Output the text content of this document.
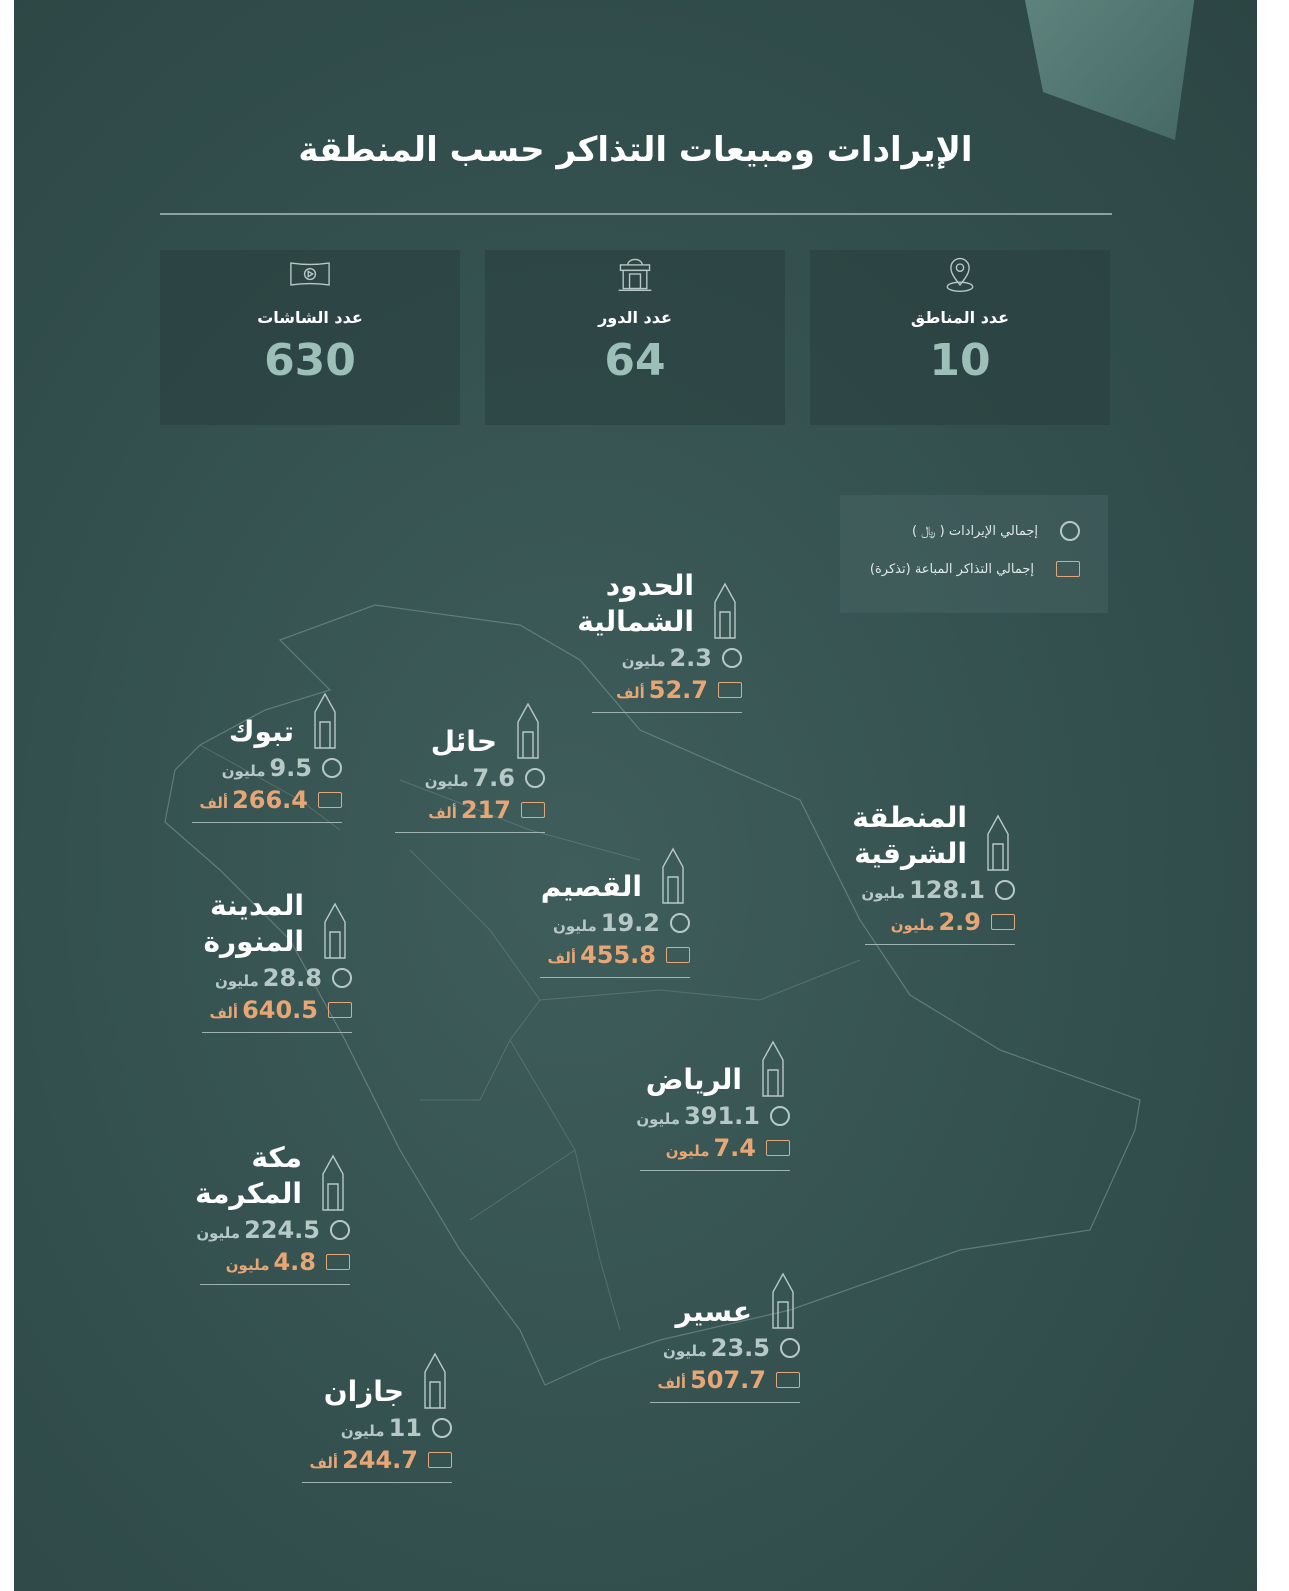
الإيرادات ومبيعات التذاكر حسب المنطقة
عدد المناطق
10
عدد الدور
64
عدد الشاشات
630
إجمالي الإيرادات ( ﷼ )
إجمالي التذاكر المباعة (تذكرة)
الحدود الشمالية
2.3مليون
52.7ألف
تبوك
9.5مليون
266.4ألف
حائل
7.6مليون
217ألف
القصيم
19.2مليون
455.8ألف
المنطقة الشرقية
128.1مليون
2.9مليون
المدينة المنورة
28.8مليون
640.5ألف
الرياض
391.1مليون
7.4مليون
مكة المكرمة
224.5مليون
4.8مليون
عسير
23.5مليون
507.7ألف
جازان
11مليون
244.7ألف
